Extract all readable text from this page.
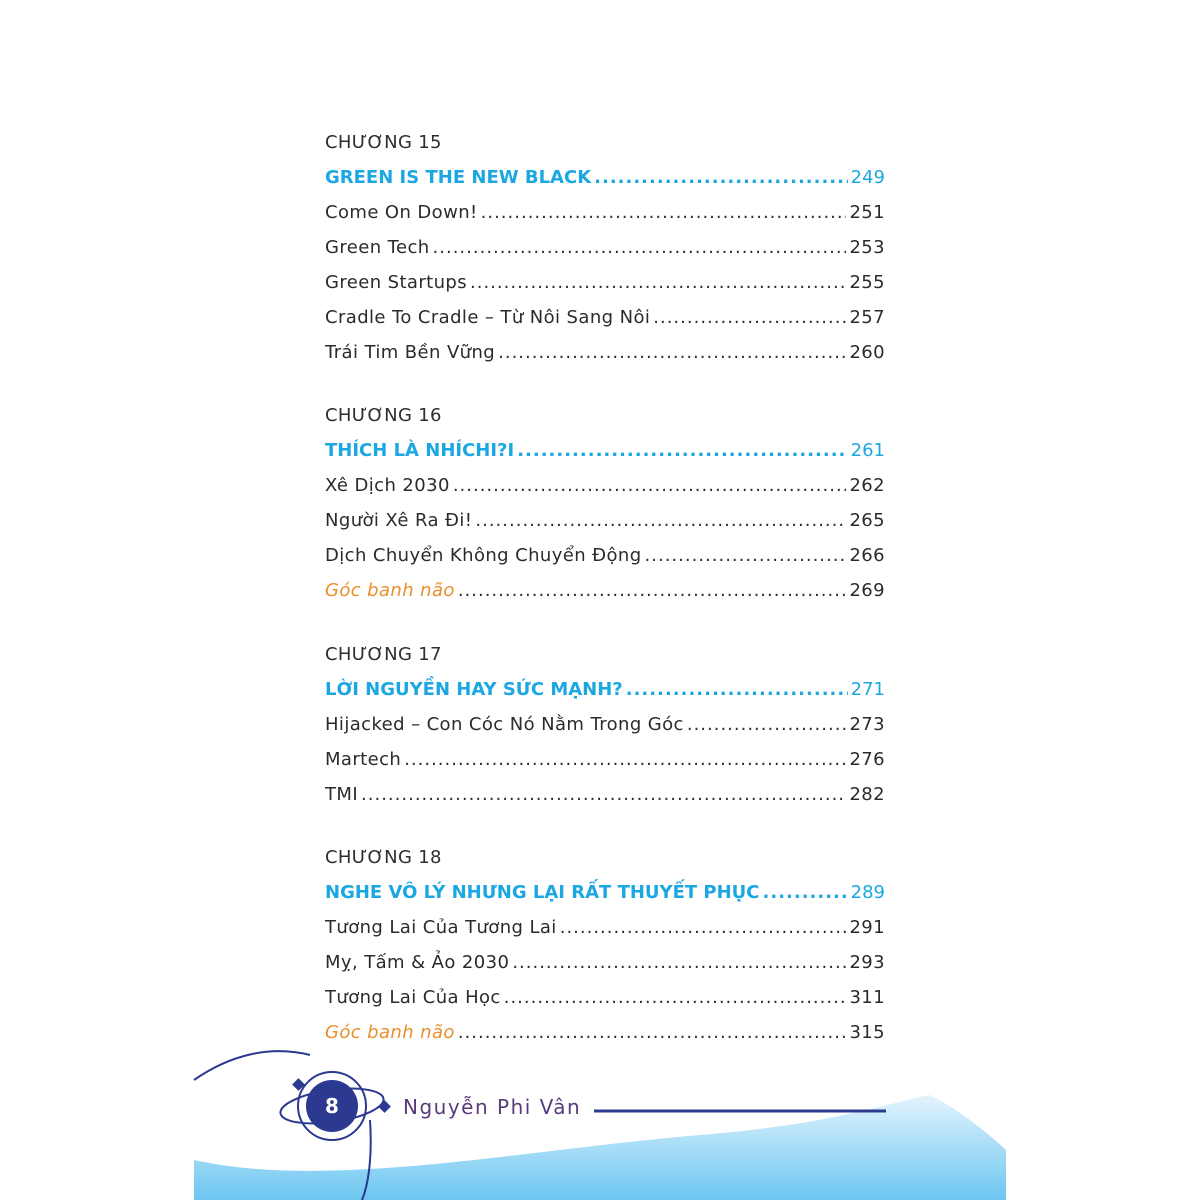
CHƯƠNG 15
GREEN IS THE NEW BLACK .....	249
Come On Down! .....	251
Green Tech .....	253
Green Startups .....	255
Cradle To Cradle – Từ Nôi Sang Nôi .....	257
Trái Tim Bền Vững .....	260
CHƯƠNG 16
THÍCH LÀ NHÍCHI?I .....	261
Xê Dịch 2030 .....	262
Người Xê Ra Đi! .....	265
Dịch Chuyển Không Chuyển Động .....	266
Góc banh não .....	269
CHƯƠNG 17
LỜI NGUYỀN HAY SỨC MẠNH? .....	271
Hijacked – Con Cóc Nó Nằm Trong Góc .....	273
Martech .....	276
TMI .....	282
CHƯƠNG 18
NGHE VÔ LÝ NHƯNG LẠI RẤT THUYẾT PHỤC .....	289
Tương Lai Của Tương Lai .....	291
Mỵ, Tấm & Ảo 2030 .....	293
Tương Lai Của Học .....	311
Góc banh não .....	315
8	Nguyễn Phi Vân
